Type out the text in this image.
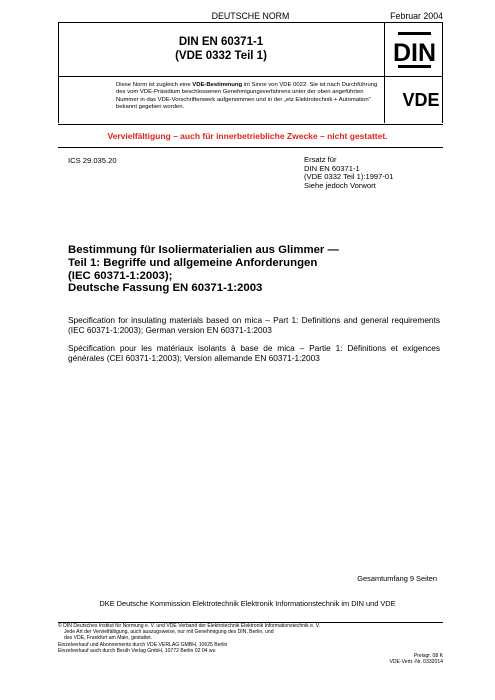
DEUTSCHE NORM	Februar 2004
DIN EN 60371-1
(VDE 0332 Teil 1)	DIN
Diese Norm ist zugleich eine VDE-Bestimmung im Sinne von VDE 0022. Sie ist nach Durchführung des vom VDE-Präsidium beschlossenen Genehmigungsverfahrens unter der oben angeführten Nummer in das VDE-Vorschriftenwerk aufgenommen und in der „etz Elektrotechnik + Automation“ bekannt gegeben worden.	VDE
Vervielfältigung – auch für innerbetriebliche Zwecke – nicht gestattet.
ICS 29.035.20	Ersatz für
DIN EN 60371-1
(VDE 0332 Teil 1):1997-01
Siehe jedoch Vorwort
Bestimmung für Isoliermaterialien aus Glimmer —
Teil 1: Begriffe und allgemeine Anforderungen
(IEC 60371-1:2003);
Deutsche Fassung EN 60371-1:2003
Specification for insulating materials based on mica – Part 1: Definitions and general requirements (IEC 60371-1:2003); German version EN 60371-1:2003
Spécification pour les matériaux isolants à base de mica – Partie 1: Définitions et exigences générales (CEI 60371-1:2003); Version allemande EN 60371-1:2003
Gesamtumfang 9 Seiten
DKE Deutsche Kommission Elektrotechnik Elektronik Informationstechnik im DIN und VDE
© DIN Deutsches Institut für Normung e. V. und VDE Verband der Elektrotechnik Elektronik Informationstechnik e. V.
Jede Art der Vervielfältigung, auch auszugsweise, nur mit Genehmigung des DIN, Berlin, und
des VDE, Frankfurt am Main, gestattet.
Einzelverkauf und Abonnements durch VDE VERLAG GMBH, 10625 Berlin
Einzelverkauf auch durch Beuth Verlag GmbH, 10772 Berlin 02 04 wu
Preisgr. 08 K
VDE-Vertr.-Nr. 0332014
